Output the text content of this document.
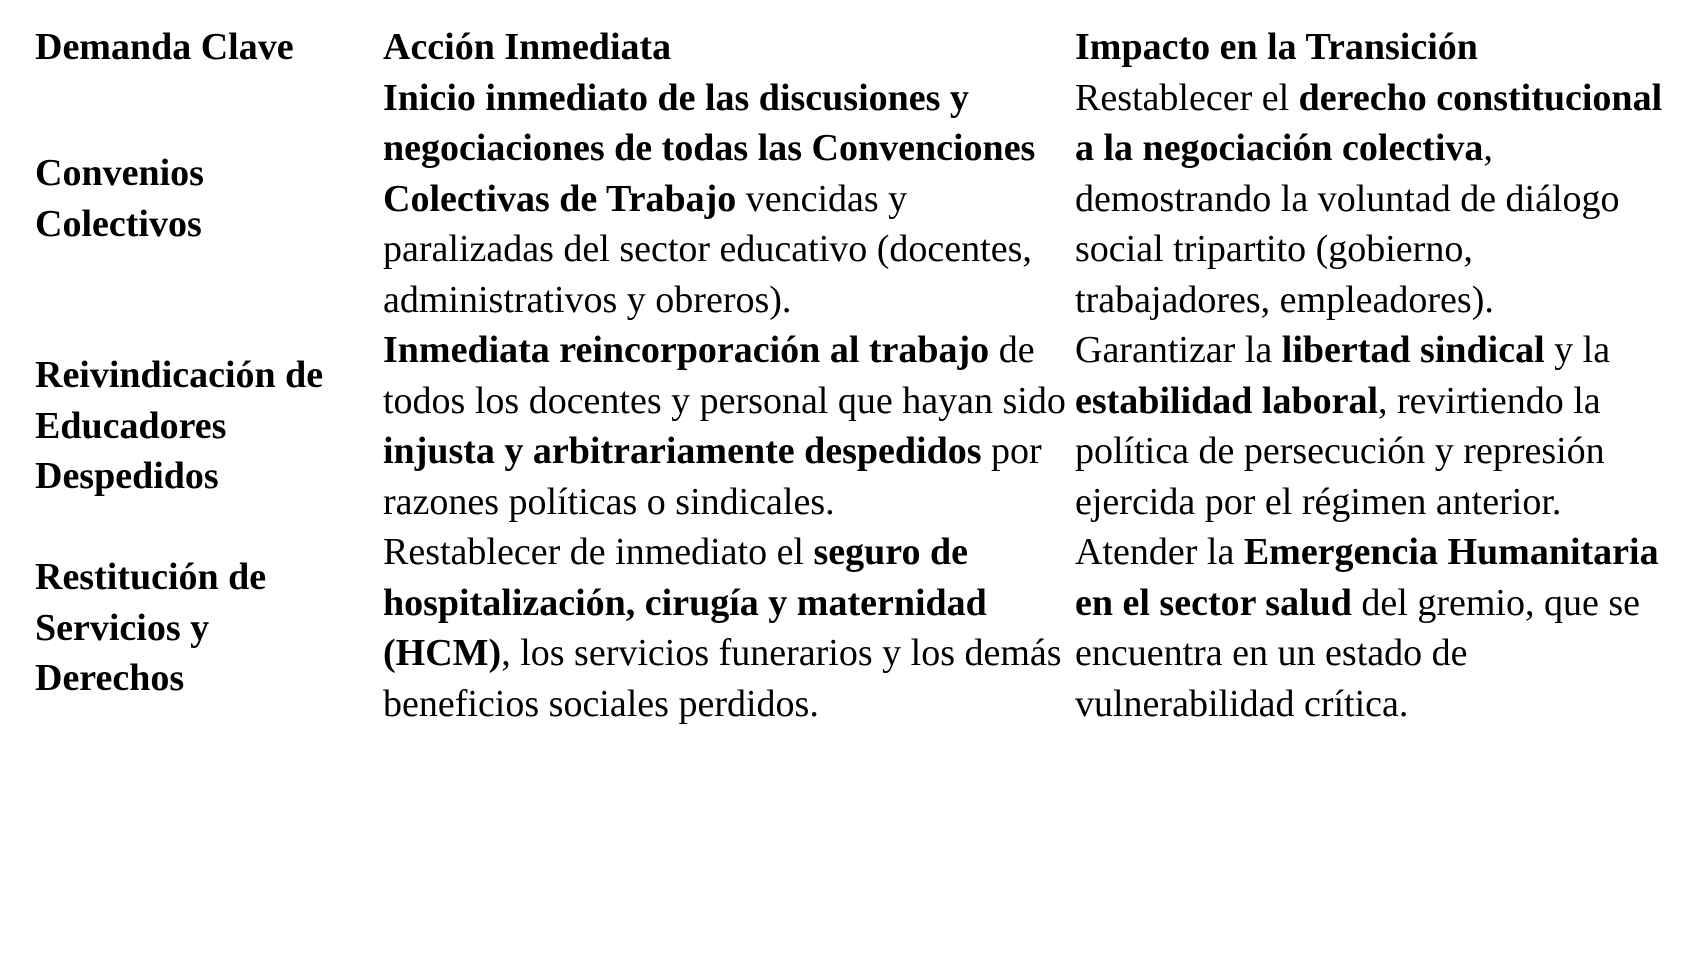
Demanda Clave	Acción Inmediata	Impacto en la Transición
Convenios
Colectivos	Inicio inmediato de las discusiones y negociaciones de todas las Convenciones Colectivas de Trabajo vencidas y paralizadas del sector educativo (docentes, administrativos y obreros).	Restablecer el derecho constitucional a la negociación colectiva, demostrando la voluntad de diálogo social tripartito (gobierno, trabajadores, empleadores).
Reivindicación de
Educadores
Despedidos	Inmediata reincorporación al trabajo de todos los docentes y personal que hayan sido injusta y arbitrariamente despedidos por razones políticas o sindicales.	Garantizar la libertad sindical y la estabilidad laboral, revirtiendo la política de persecución y represión ejercida por el régimen anterior.
Restitución de
Servicios y
Derechos	Restablecer de inmediato el seguro de hospitalización, cirugía y maternidad (HCM), los servicios funerarios y los demás beneficios sociales perdidos.	Atender la Emergencia Humanitaria en el sector salud del gremio, que se encuentra en un estado de vulnerabilidad crítica.
